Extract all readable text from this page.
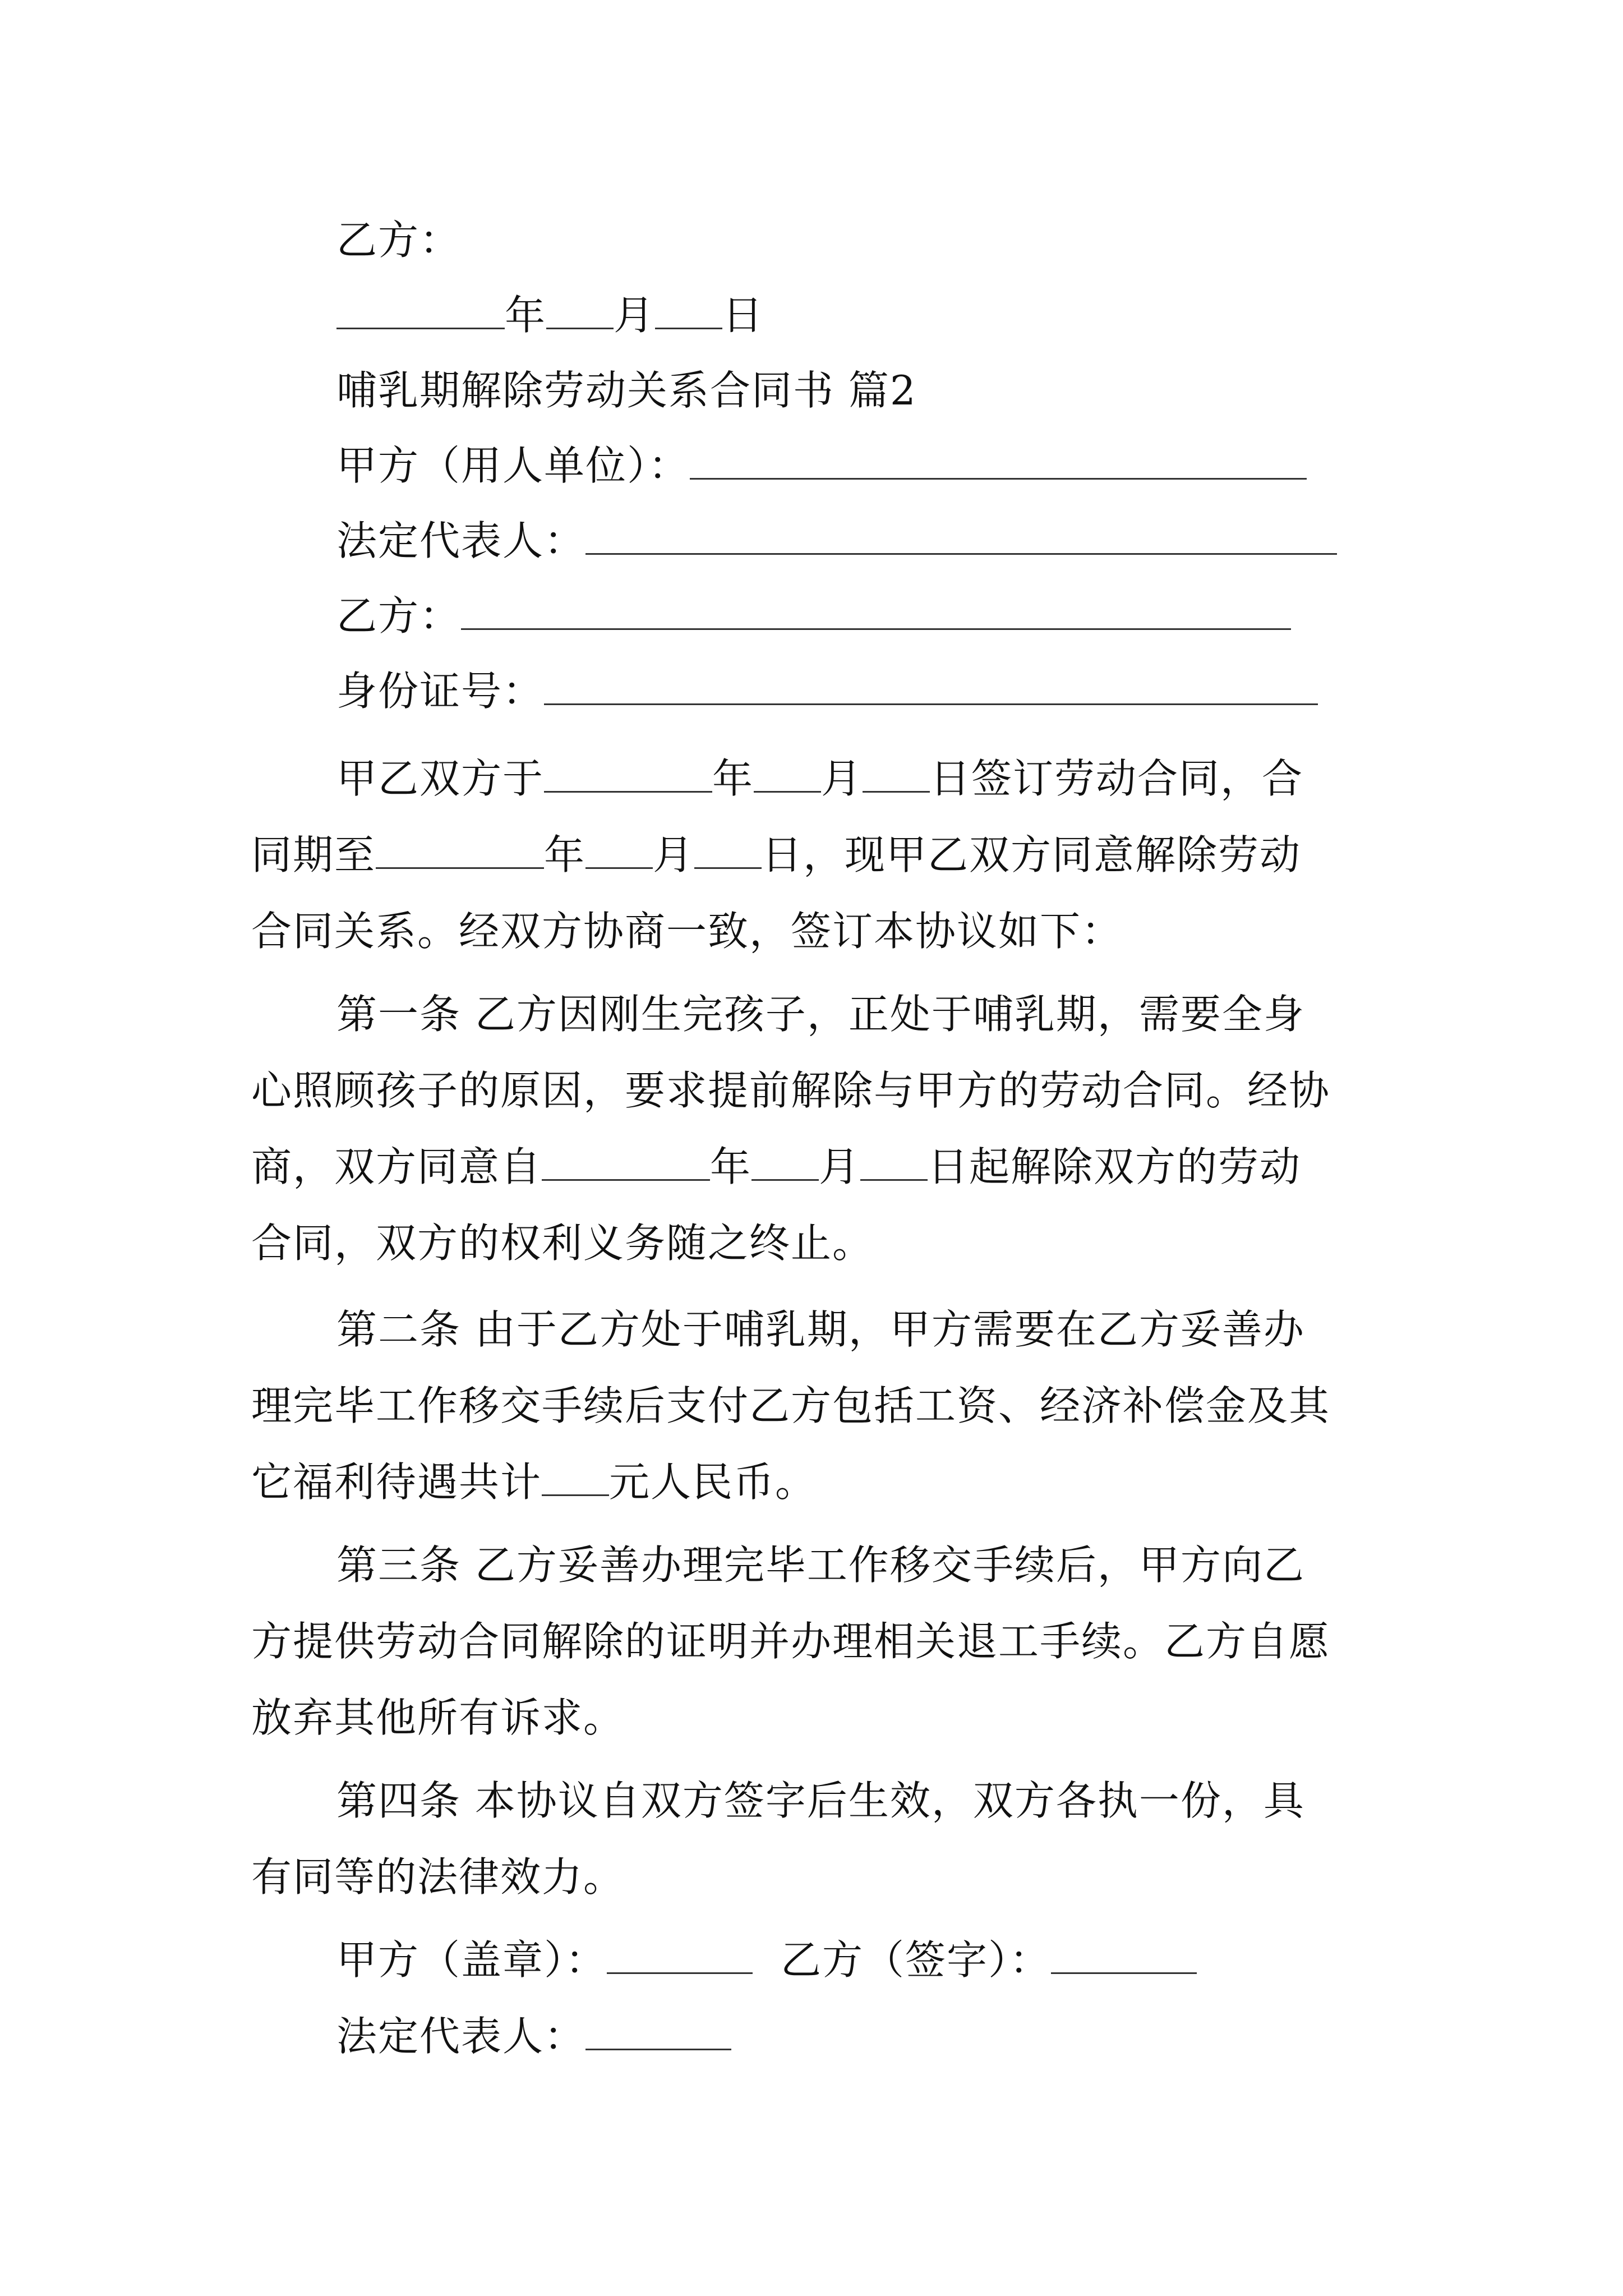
乙方：
年 月 日
哺乳期解除劳动关系合同书 篇2
甲方（用人单位）：
法定代表人：
乙方：
身份证号：
甲乙双方于	年 月 日签订劳动合同，合
同期至	年 月 日，现甲乙双方同意解除劳动
合同关系。经双方协商一致，签订本协议如下：
第一条 乙方因刚生完孩子，正处于哺乳期，需要全身
心照顾孩子的原因，要求提前解除与甲方的劳动合同。经协
商，双方同意自	年 月 日起解除双方的劳动
合同，双方的权利义务随之终止。
第二条 由于乙方处于哺乳期，甲方需要在乙方妥善办
理完毕工作移交手续后支付乙方包括工资、经济补偿金及其
它福利待遇共计 元人民币。
第三条 乙方妥善办理完毕工作移交手续后，甲方向乙
方提供劳动合同解除的证明并办理相关退工手续。乙方自愿
放弃其他所有诉求。
第四条 本协议自双方签字后生效，双方各执一份，具
有同等的法律效力。
甲方（盖章）：	乙方（签字）：
法定代表人：
